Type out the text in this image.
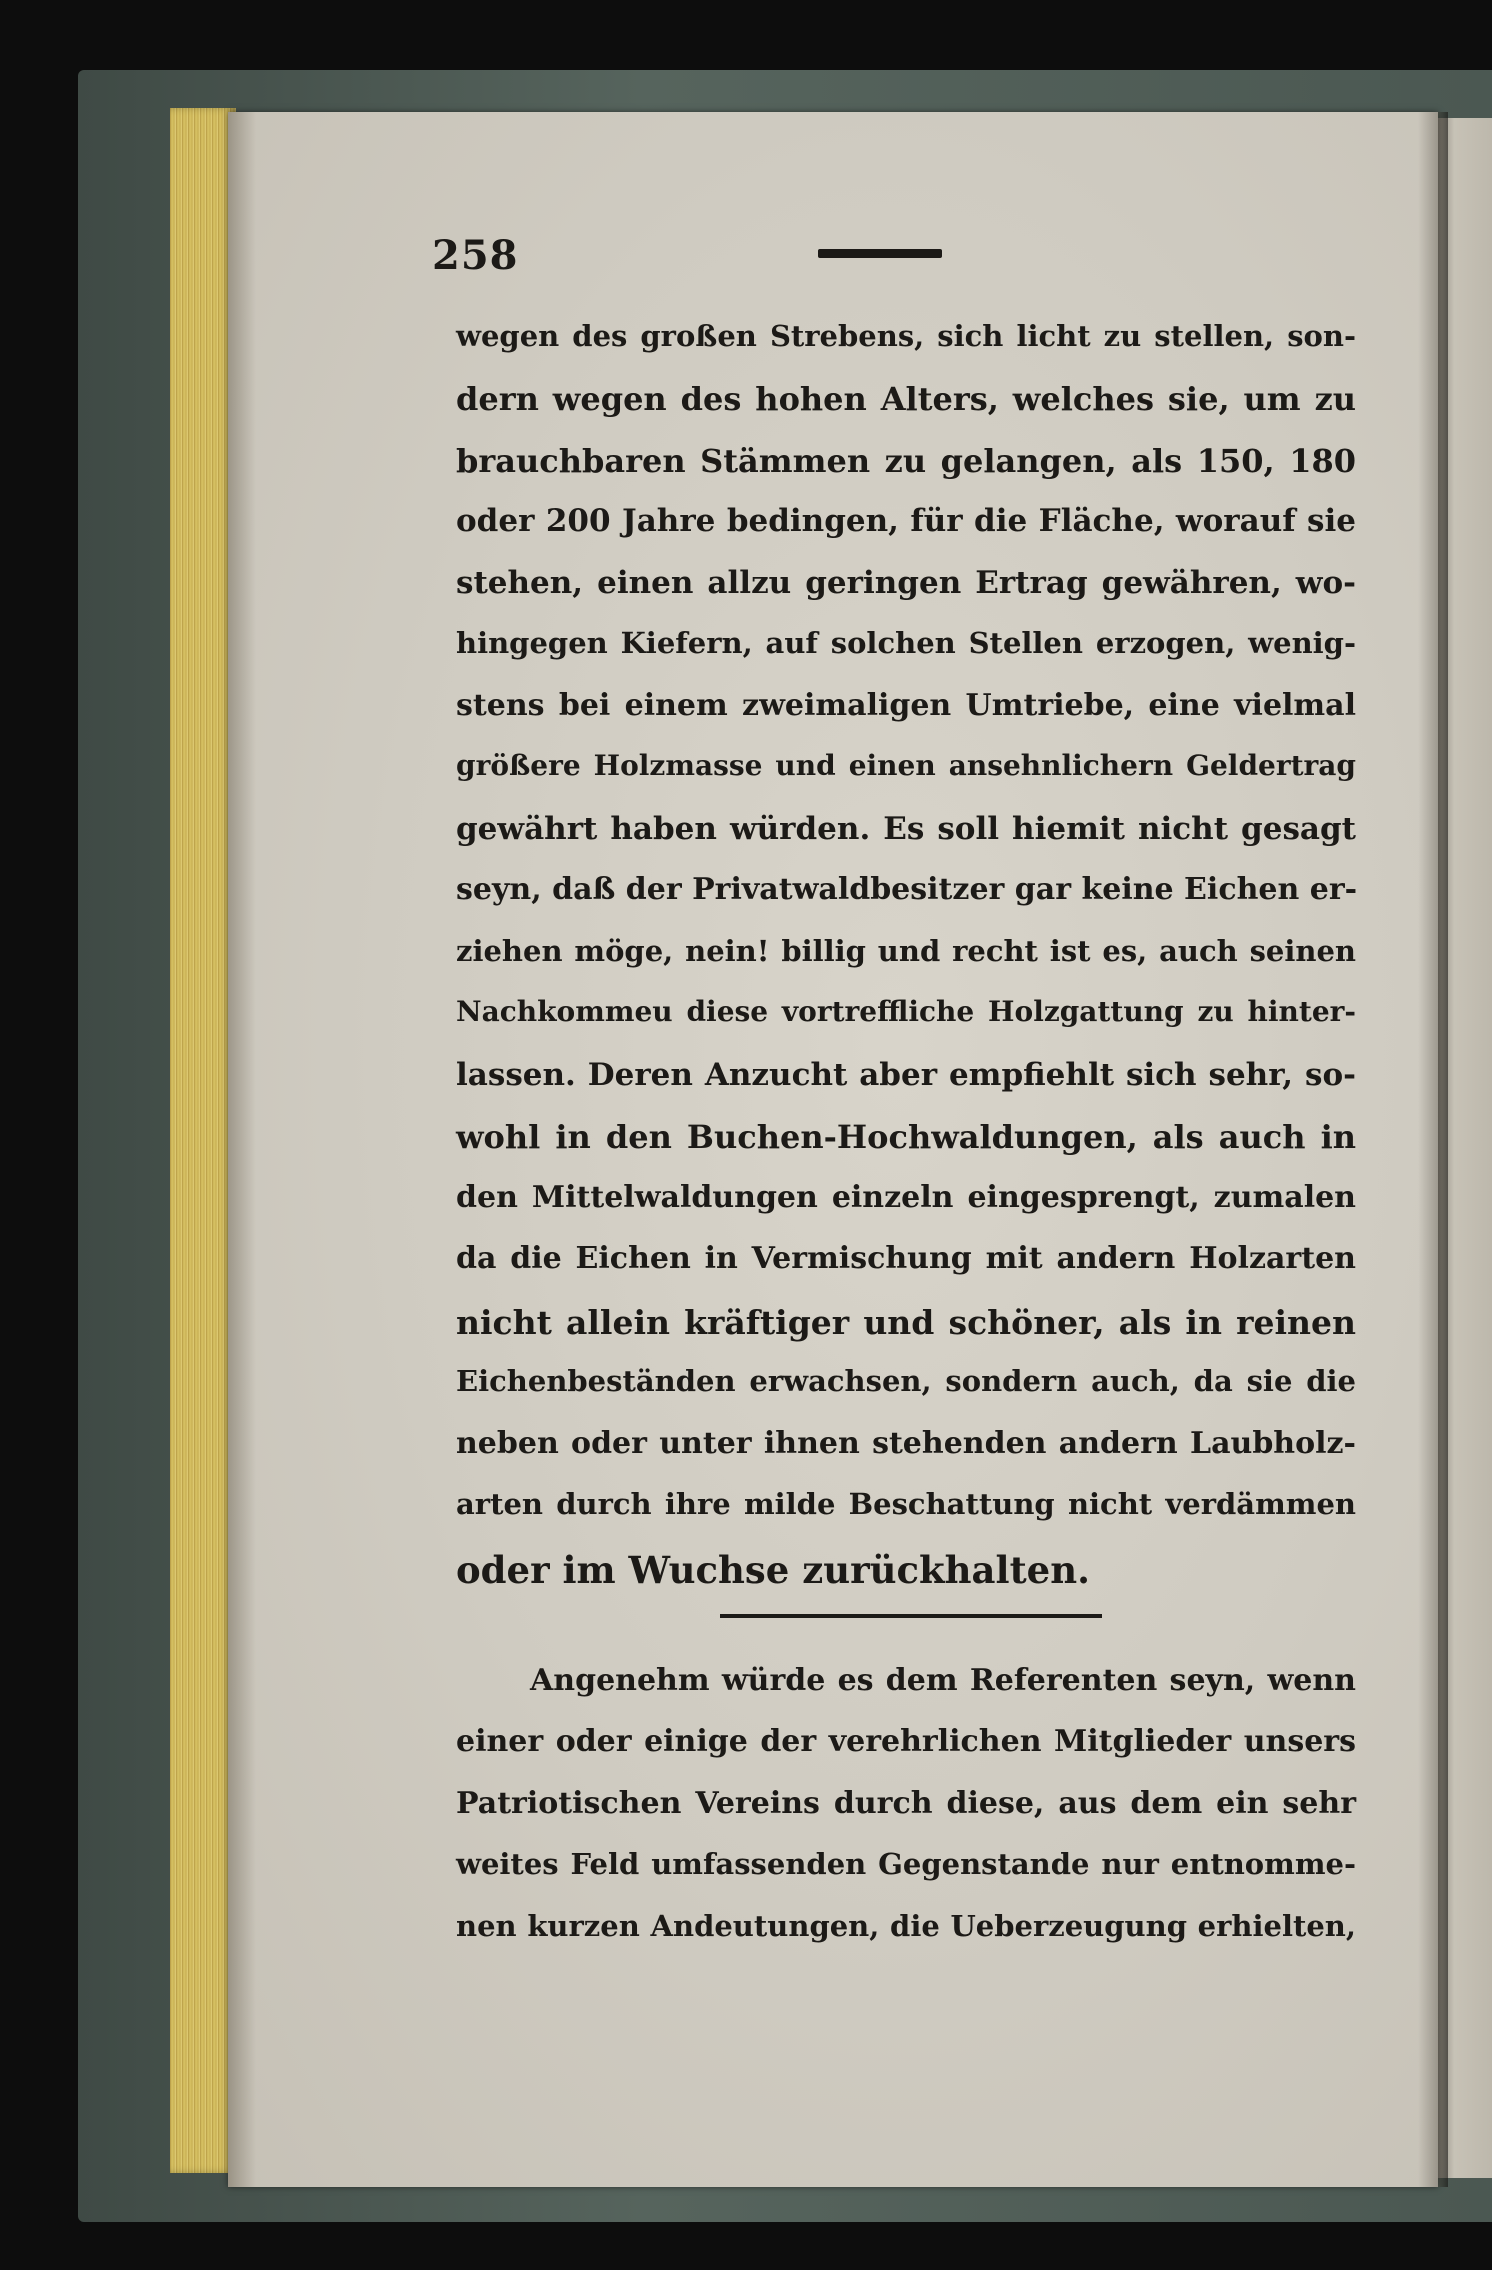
258
wegen des großen Strebens, sich licht zu stellen, son-
dern wegen des hohen Alters, welches sie, um zu
brauchbaren Stämmen zu gelangen, als 150, 180
oder 200 Jahre bedingen, für die Fläche, worauf sie
stehen, einen allzu geringen Ertrag gewähren, wo-
hingegen Kiefern, auf solchen Stellen erzogen, wenig-
stens bei einem zweimaligen Umtriebe, eine vielmal
größere Holzmasse und einen ansehnlichern Geldertrag
gewährt haben würden. Es soll hiemit nicht gesagt
seyn, daß der Privatwaldbesitzer gar keine Eichen er-
ziehen möge, nein! billig und recht ist es, auch seinen
Nachkommeu diese vortreffliche Holzgattung zu hinter-
lassen. Deren Anzucht aber empfiehlt sich sehr, so-
wohl in den Buchen-Hochwaldungen, als auch in
den Mittelwaldungen einzeln eingesprengt, zumalen
da die Eichen in Vermischung mit andern Holzarten
nicht allein kräftiger und schöner, als in reinen
Eichenbeständen erwachsen, sondern auch, da sie die
neben oder unter ihnen stehenden andern Laubholz-
arten durch ihre milde Beschattung nicht verdämmen
oder im Wuchse zurückhalten.
Angenehm würde es dem Referenten seyn, wenn
einer oder einige der verehrlichen Mitglieder unsers
Patriotischen Vereins durch diese, aus dem ein sehr
weites Feld umfassenden Gegenstande nur entnomme-
nen kurzen Andeutungen, die Ueberzeugung erhielten,
